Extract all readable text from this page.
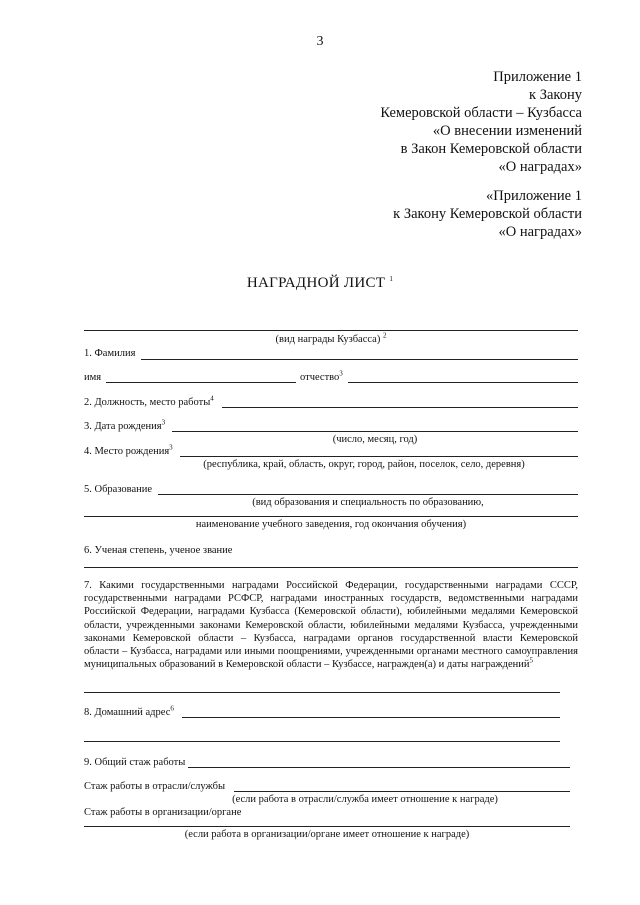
3
Приложение 1
к Закону
Кемеровской области – Кузбасса
«О внесении изменений
в Закон Кемеровской области
«О наградах»
«Приложение 1
к Закону Кемеровской области
«О наградах»
НАГРАДНОЙ ЛИСТ $^1$
(вид награды Кузбасса) $^2$
1. Фамилия
имя	отчество$^3$
2. Должность, место работы$^4$
3. Дата рождения$^3$
(число, месяц, год)
4. Место рождения$^3$
(республика, край, область, округ, город, район, поселок, село, деревня)
5. Образование
(вид образования и специальность по образованию,
наименование учебного заведения, год окончания обучения)
6. Ученая степень, ученое звание
7. Какими государственными наградами Российской Федерации, государственными наградами СССР,
государственными наградами РСФСР, наградами иностранных государств, ведомственными наградами
Российской Федерации, наградами Кузбасса (Кемеровской области), юбилейными медалями Кемеровской
области, учрежденными законами Кемеровской области, юбилейными медалями Кузбасса, учрежденными
законами Кемеровской области – Кузбасса, наградами органов государственной власти Кемеровской
области – Кузбасса, наградами или иными поощрениями, учрежденными органами местного самоуправления
муниципальных образований в Кемеровской области – Кузбассе, награжден(а) и даты награждений$^5$
8. Домашний адрес$^6$
9. Общий стаж работы
Стаж работы в отрасли/службы
(если работа в отрасли/служба имеет отношение к награде)
Стаж работы в организации/органе
(если работа в организации/органе имеет отношение к награде)
